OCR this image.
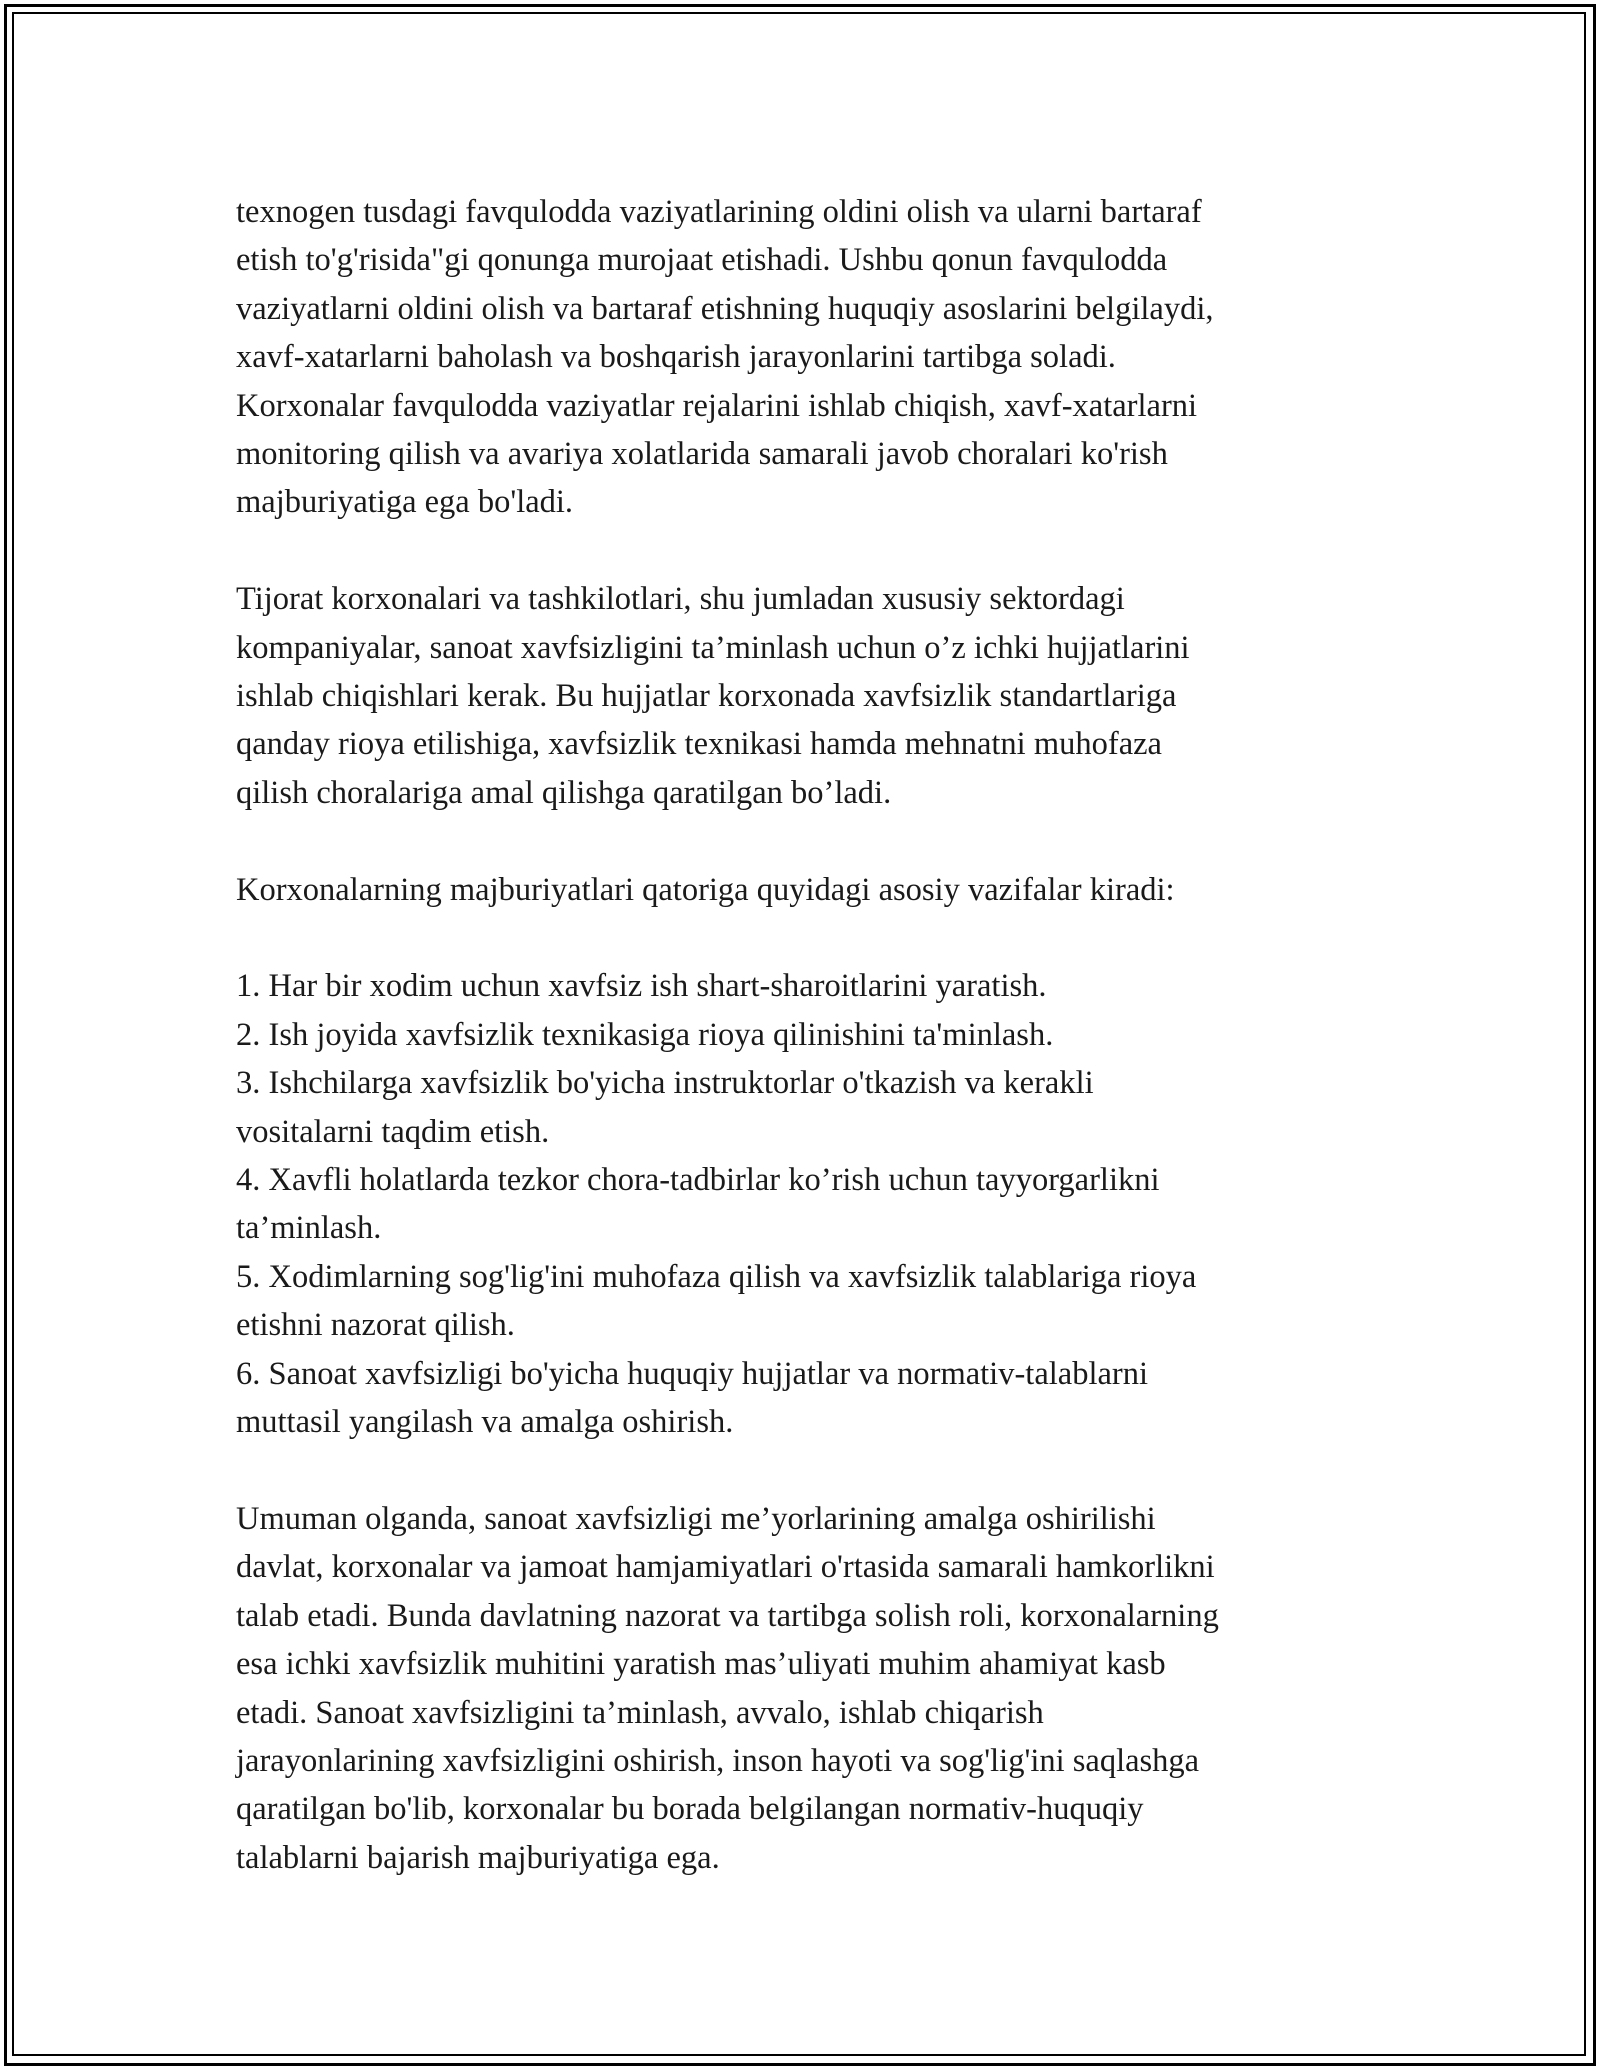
texnogen tusdagi favqulodda vaziyatlarining oldini olish va ularni bartaraf
etish to'g'risida"gi qonunga murojaat etishadi. Ushbu qonun favqulodda
vaziyatlarni oldini olish va bartaraf etishning huquqiy asoslarini belgilaydi,
xavf-xatarlarni baholash va boshqarish jarayonlarini tartibga soladi.
Korxonalar favqulodda vaziyatlar rejalarini ishlab chiqish, xavf-xatarlarni
monitoring qilish va avariya xolatlarida samarali javob choralari ko'rish
majburiyatiga ega bo'ladi.
Tijorat korxonalari va tashkilotlari, shu jumladan xususiy sektordagi
kompaniyalar, sanoat xavfsizligini ta’minlash uchun o’z ichki hujjatlarini
ishlab chiqishlari kerak. Bu hujjatlar korxonada xavfsizlik standartlariga
qanday rioya etilishiga, xavfsizlik texnikasi hamda mehnatni muhofaza
qilish choralariga amal qilishga qaratilgan bo’ladi.
Korxonalarning majburiyatlari qatoriga quyidagi asosiy vazifalar kiradi:
1. Har bir xodim uchun xavfsiz ish shart-sharoitlarini yaratish.
2. Ish joyida xavfsizlik texnikasiga rioya qilinishini ta'minlash.
3. Ishchilarga xavfsizlik bo'yicha instruktorlar o'tkazish va kerakli
vositalarni taqdim etish.
4. Xavfli holatlarda tezkor chora-tadbirlar ko’rish uchun tayyorgarlikni
ta’minlash.
5. Xodimlarning sog'lig'ini muhofaza qilish va xavfsizlik talablariga rioya
etishni nazorat qilish.
6. Sanoat xavfsizligi bo'yicha huquqiy hujjatlar va normativ-talablarni
muttasil yangilash va amalga oshirish.
Umuman olganda, sanoat xavfsizligi me’yorlarining amalga oshirilishi
davlat, korxonalar va jamoat hamjamiyatlari o'rtasida samarali hamkorlikni
talab etadi. Bunda davlatning nazorat va tartibga solish roli, korxonalarning
esa ichki xavfsizlik muhitini yaratish mas’uliyati muhim ahamiyat kasb
etadi. Sanoat xavfsizligini ta’minlash, avvalo, ishlab chiqarish
jarayonlarining xavfsizligini oshirish, inson hayoti va sog'lig'ini saqlashga
qaratilgan bo'lib, korxonalar bu borada belgilangan normativ-huquqiy
talablarni bajarish majburiyatiga ega.
